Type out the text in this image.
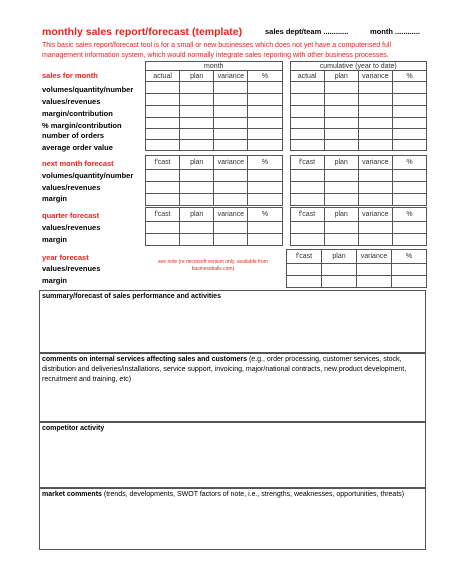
monthly sales report/forecast (template)	sales dept/team ............	month ............
This basic sales report/forecast tool is for a small or new businesses which does not yet have a computerised full management information system, which would normally integrate sales reporting with other business processes.
sales for month
volumes/quantity/number
values/revenues
margin/contribution
% margin/contribution
number of orders
average order value
month					cumulative (year to date)			
actual	plan	variance	%		actual	plan	variance	%

next month forecast
volumes/quantity/number
values/revenues
margin
f'cast	plan	variance	%		f'cast	plan	variance	%

quarter forecast
values/revenues
margin
f'cast	plan	variance	%		f'cast	plan	variance	%

year forecast
values/revenues
margin
see note (re microsoft version only, available from businessballs.com)
f'cast	plan	variance	%

summary/forecast of sales performance and activities
comments on internal services affecting sales and customers (e.g., order processing, customer services, stock, distribution and deliveries/installations, service support, invoicing, major/national contracts, new product development, recruitment and training, etc)
competitor activity
market comments (trends, developments, SWOT factors of note, i.e., strengths, weaknesses, opportunities, threats)
